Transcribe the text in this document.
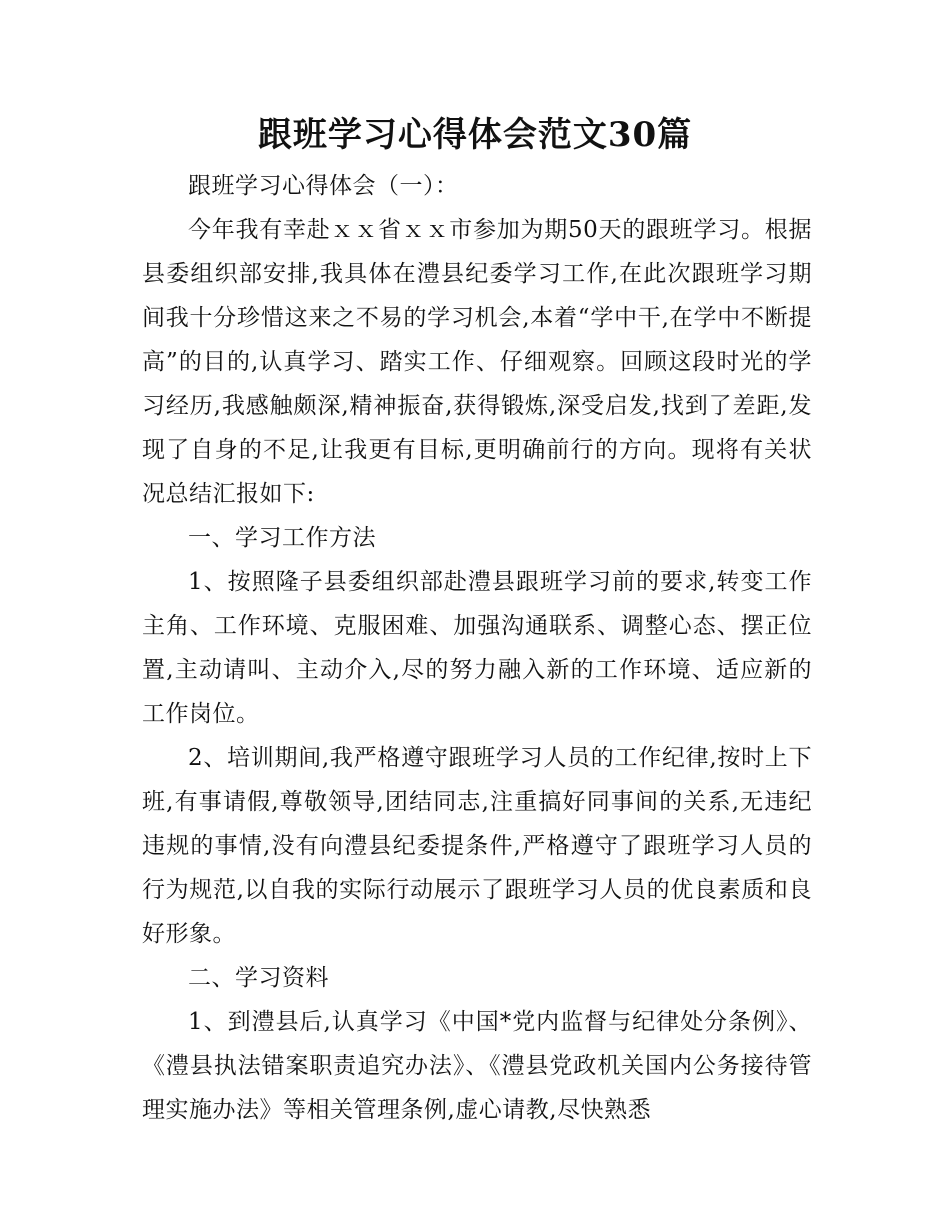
跟班学习心得体会范文30篇

跟班学习心得体会（一）：

今年我有幸赴ｘｘ省ｘｘ市参加为期50天的跟班学习。根据县委组织部安排,我具体在澧县纪委学习工作,在此次跟班学习期间我十分珍惜这来之不易的学习机会,本着“学中干,在学中不断提高”的目的,认真学习、踏实工作、仔细观察。回顾这段时光的学习经历,我感触颇深,精神振奋,获得锻炼,深受启发,找到了差距,发现了自身的不足,让我更有目标,更明确前行的方向。现将有关状况总结汇报如下:

一、学习工作方法

1、按照隆子县委组织部赴澧县跟班学习前的要求,转变工作主角、工作环境、克服困难、加强沟通联系、调整心态、摆正位置,主动请叫、主动介入,尽的努力融入新的工作环境、适应新的工作岗位。

2、培训期间,我严格遵守跟班学习人员的工作纪律,按时上下班,有事请假,尊敬领导,团结同志,注重搞好同事间的关系,无违纪违规的事情,没有向澧县纪委提条件,严格遵守了跟班学习人员的行为规范,以自我的实际行动展示了跟班学习人员的优良素质和良好形象。

二、学习资料

1、到澧县后,认真学习《中国*党内监督与纪律处分条例》、《澧县执法错案职责追究办法》、《澧县党政机关国内公务接待管理实施办法》等相关管理条例,虚心请教,尽快熟悉
